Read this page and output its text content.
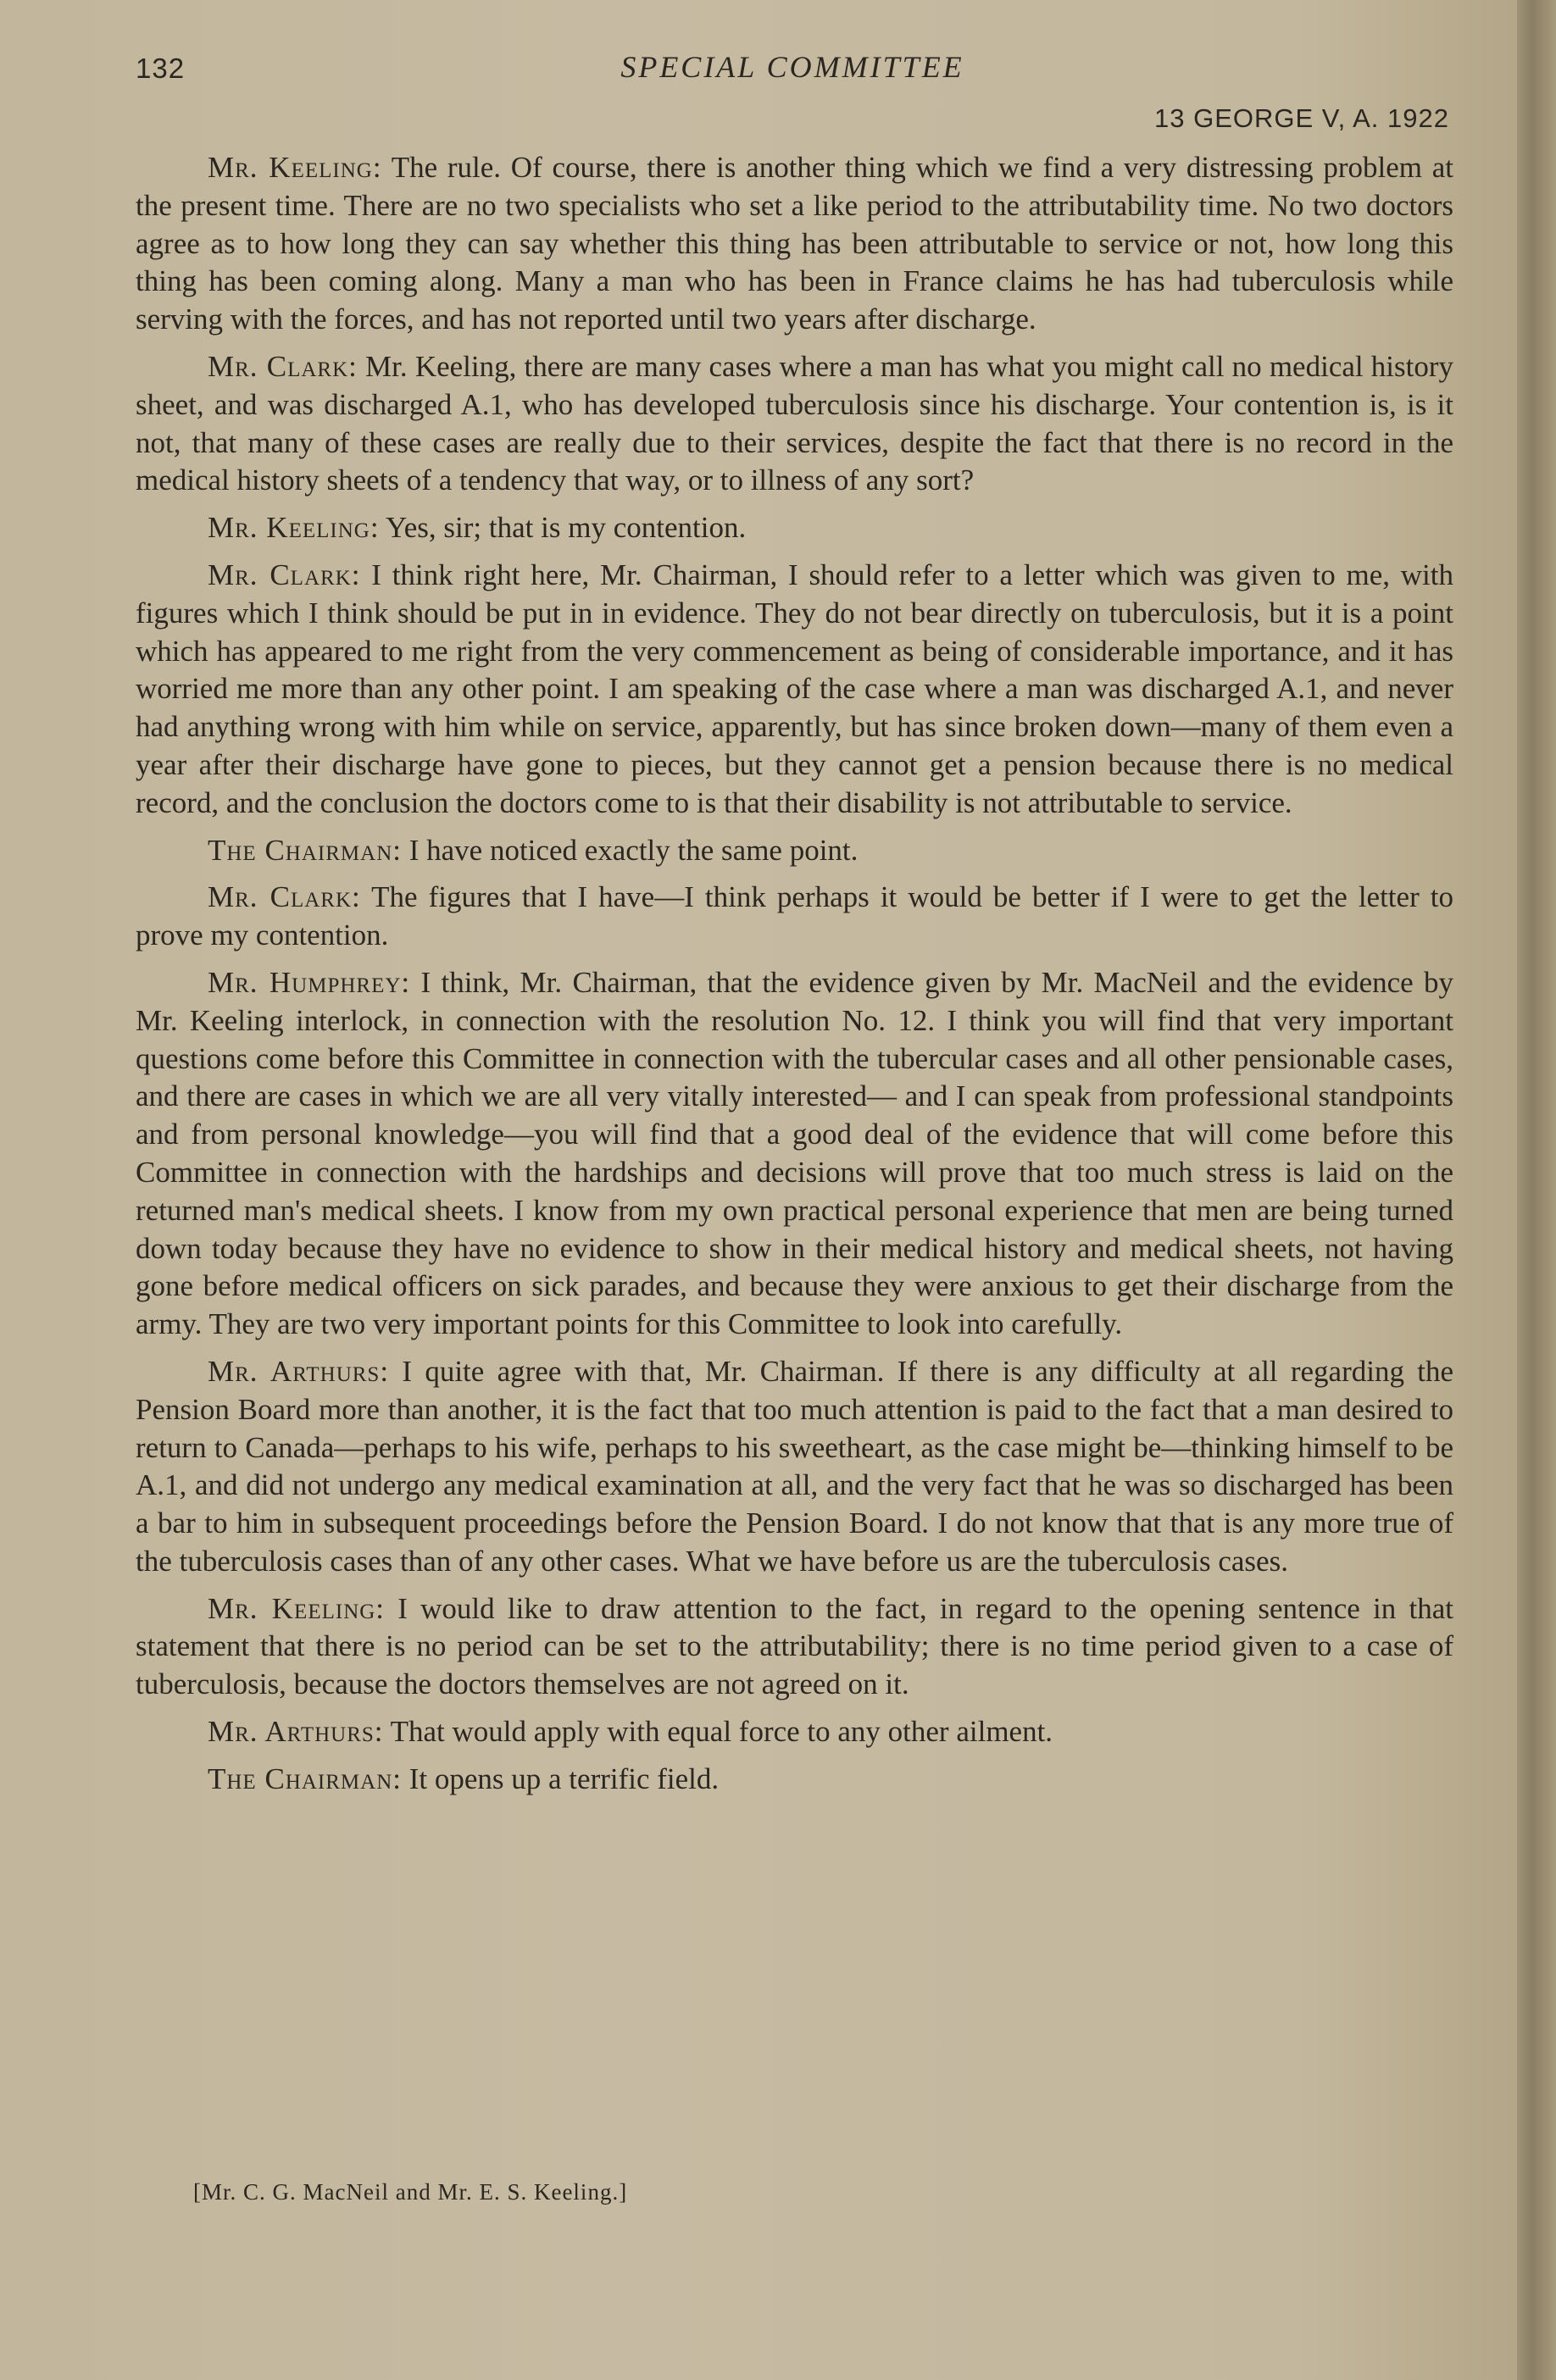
132	SPECIAL COMMITTEE
13 GEORGE V, A. 1922

Mr. Keeling: The rule. Of course, there is another thing which we find a very distressing problem at the present time. There are no two specialists who set a like period to the attributability time. No two doctors agree as to how long they can say whether this thing has been attributable to service or not, how long this thing has been coming along. Many a man who has been in France claims he has had tuberculosis while serving with the forces, and has not reported until two years after discharge.

Mr. Clark: Mr. Keeling, there are many cases where a man has what you might call no medical history sheet, and was discharged A.1, who has developed tuberculosis since his discharge. Your contention is, is it not, that many of these cases are really due to their services, despite the fact that there is no record in the medical history sheets of a tendency that way, or to illness of any sort?

Mr. Keeling: Yes, sir; that is my contention.

Mr. Clark: I think right here, Mr. Chairman, I should refer to a letter which was given to me, with figures which I think should be put in in evidence. They do not bear directly on tuberculosis, but it is a point which has appeared to me right from the very commencement as being of considerable importance, and it has worried me more than any other point. I am speaking of the case where a man was discharged A.1, and never had anything wrong with him while on service, apparently, but has since broken down—many of them even a year after their discharge have gone to pieces, but they cannot get a pension because there is no medical record, and the conclusion the doctors come to is that their disability is not attributable to service.

The Chairman: I have noticed exactly the same point.

Mr. Clark: The figures that I have—I think perhaps it would be better if I were to get the letter to prove my contention.

Mr. Humphrey: I think, Mr. Chairman, that the evidence given by Mr. MacNeil and the evidence by Mr. Keeling interlock, in connection with the resolution No. 12. I think you will find that very important questions come before this Committee in connection with the tubercular cases and all other pensionable cases, and there are cases in which we are all very vitally interested— and I can speak from professional standpoints and from personal knowledge—you will find that a good deal of the evidence that will come before this Committee in connection with the hardships and decisions will prove that too much stress is laid on the returned man's medical sheets. I know from my own practical personal experience that men are being turned down today because they have no evidence to show in their medical history and medical sheets, not having gone before medical officers on sick parades, and because they were anxious to get their discharge from the army. They are two very important points for this Committee to look into carefully.

Mr. Arthurs: I quite agree with that, Mr. Chairman. If there is any difficulty at all regarding the Pension Board more than another, it is the fact that too much attention is paid to the fact that a man desired to return to Canada—perhaps to his wife, perhaps to his sweetheart, as the case might be—thinking himself to be A.1, and did not undergo any medical examination at all, and the very fact that he was so discharged has been a bar to him in subsequent proceedings before the Pension Board. I do not know that that is any more true of the tuberculosis cases than of any other cases. What we have before us are the tuberculosis cases.

Mr. Keeling: I would like to draw attention to the fact, in regard to the opening sentence in that statement that there is no period can be set to the attributability; there is no time period given to a case of tuberculosis, because the doctors themselves are not agreed on it.

Mr. Arthurs: That would apply with equal force to any other ailment.

The Chairman: It opens up a terrific field.

[Mr. C. G. MacNeil and Mr. E. S. Keeling.]
